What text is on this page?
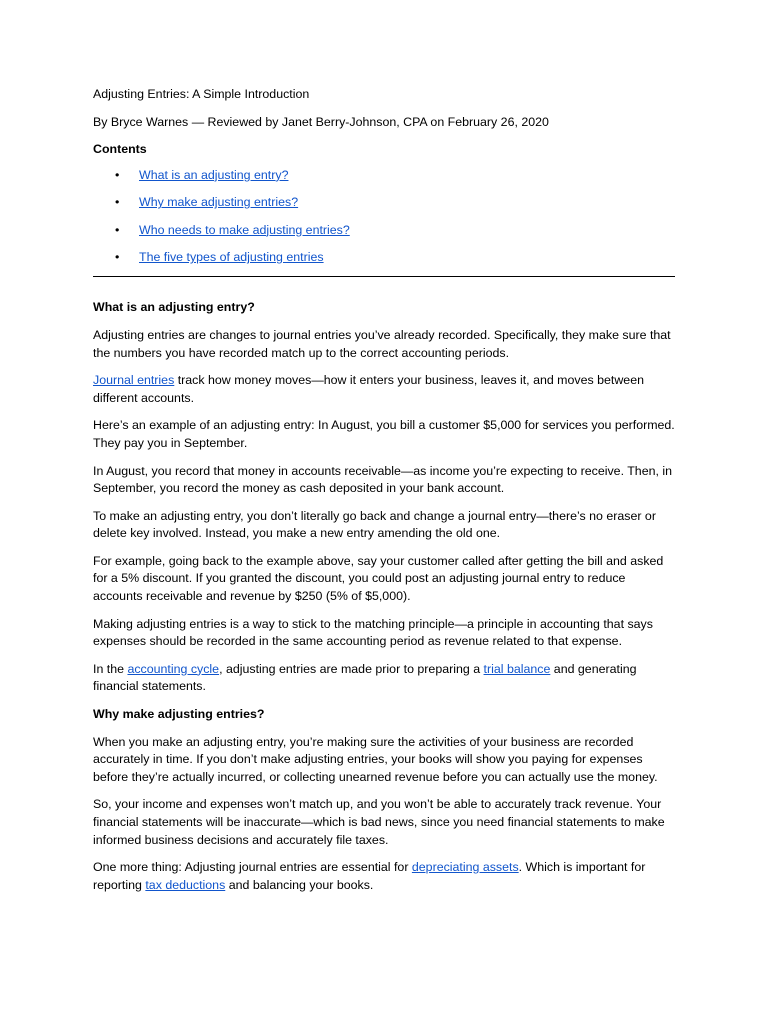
Adjusting Entries: A Simple Introduction

By Bryce Warnes — Reviewed by Janet Berry-Johnson, CPA on February 26, 2020

Contents

• What is an adjusting entry?
• Why make adjusting entries?
• Who needs to make adjusting entries?
• The five types of adjusting entries
What is an adjusting entry?

Adjusting entries are changes to journal entries you’ve already recorded. Specifically, they make sure that the numbers you have recorded match up to the correct accounting periods.

Journal entries track how money moves—how it enters your business, leaves it, and moves between different accounts.

Here’s an example of an adjusting entry: In August, you bill a customer $5,000 for services you performed. They pay you in September.

In August, you record that money in accounts receivable—as income you’re expecting to receive. Then, in September, you record the money as cash deposited in your bank account.

To make an adjusting entry, you don’t literally go back and change a journal entry—there’s no eraser or delete key involved. Instead, you make a new entry amending the old one.

For example, going back to the example above, say your customer called after getting the bill and asked for a 5% discount. If you granted the discount, you could post an adjusting journal entry to reduce accounts receivable and revenue by $250 (5% of $5,000).

Making adjusting entries is a way to stick to the matching principle—a principle in accounting that says expenses should be recorded in the same accounting period as revenue related to that expense.

In the accounting cycle, adjusting entries are made prior to preparing a trial balance and generating financial statements.

Why make adjusting entries?

When you make an adjusting entry, you’re making sure the activities of your business are recorded accurately in time. If you don’t make adjusting entries, your books will show you paying for expenses before they’re actually incurred, or collecting unearned revenue before you can actually use the money.

So, your income and expenses won’t match up, and you won’t be able to accurately track revenue. Your financial statements will be inaccurate—which is bad news, since you need financial statements to make informed business decisions and accurately file taxes.

One more thing: Adjusting journal entries are essential for depreciating assets. Which is important for reporting tax deductions and balancing your books.
